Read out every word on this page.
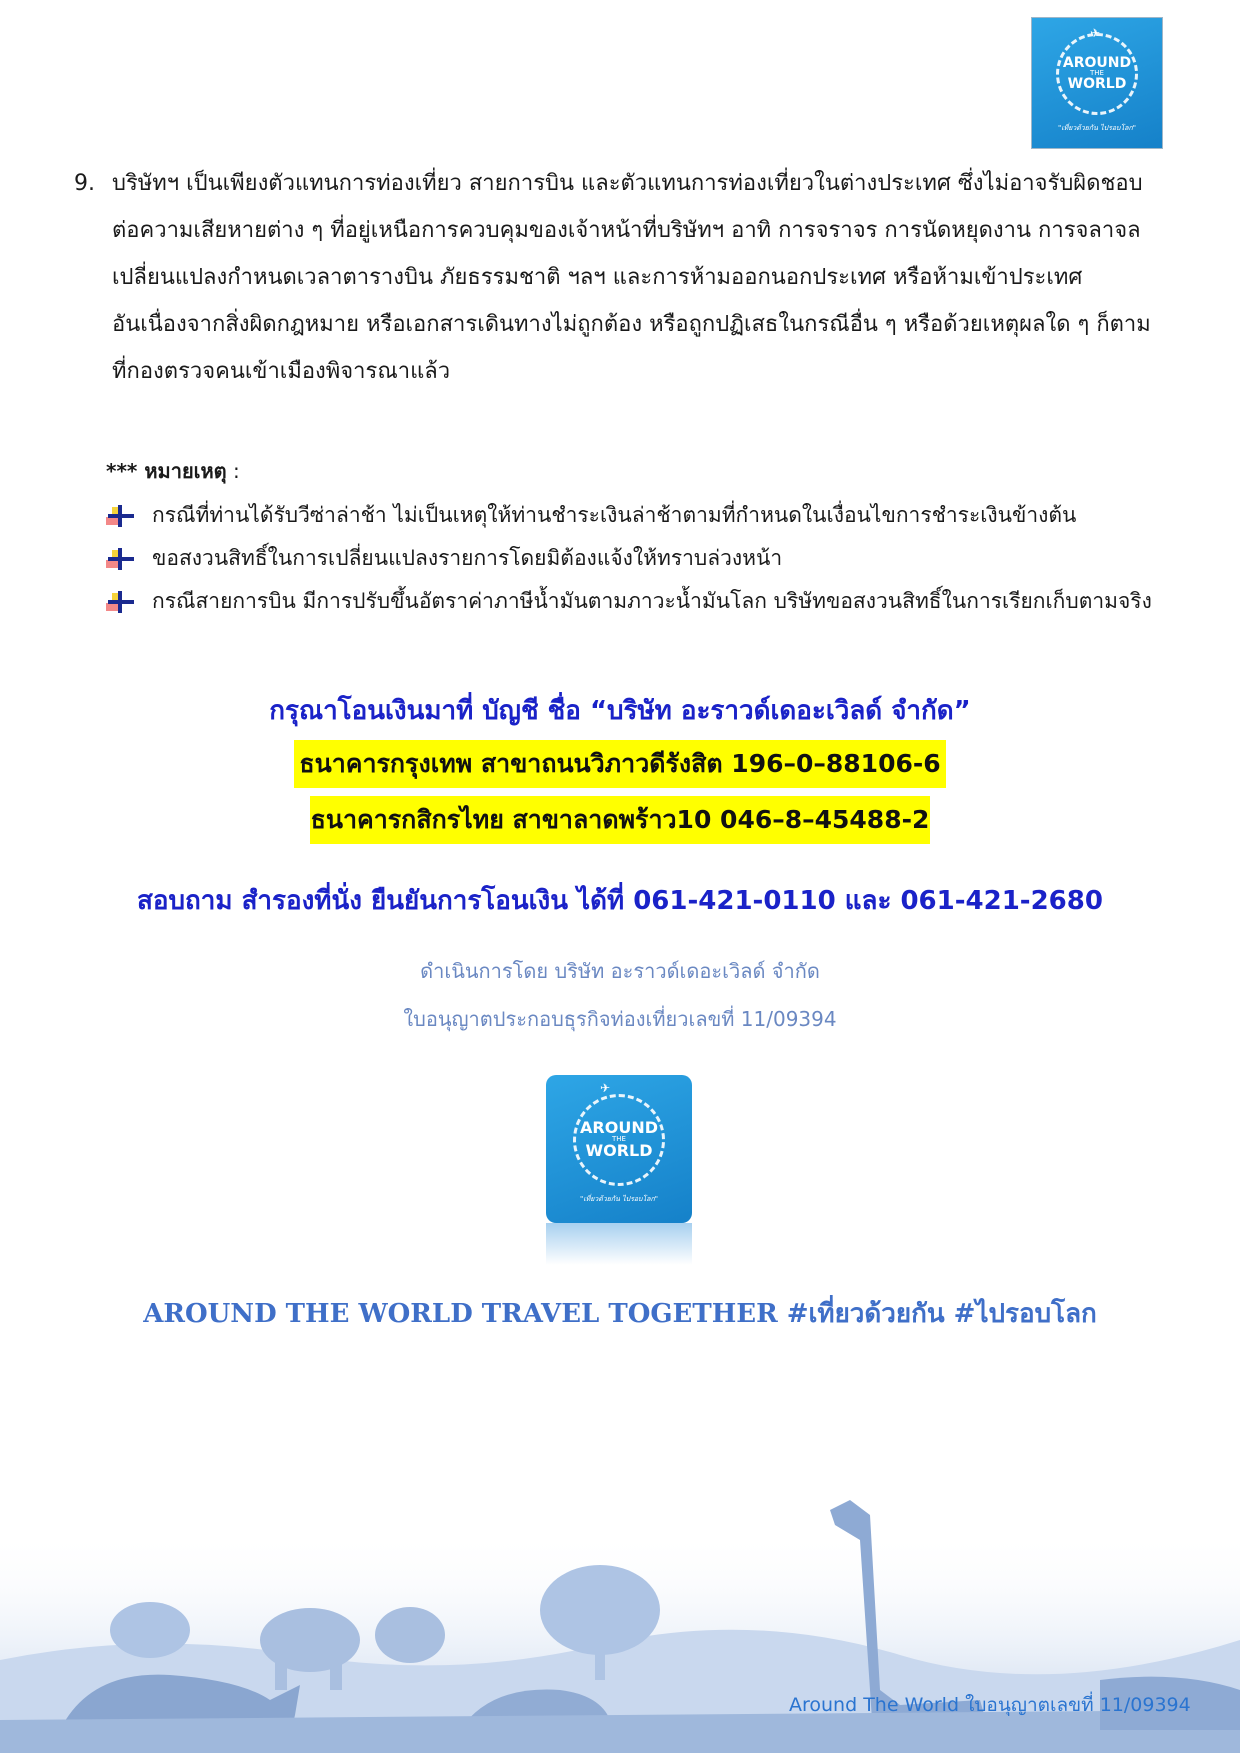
✈
AROUND
THE
WORLD
"เที่ยวด้วยกัน ไปรอบโลก"
9. บริษัทฯ เป็นเพียงตัวแทนการท่องเที่ยว สายการบิน และตัวแทนการท่องเที่ยวในต่างประเทศ ซึ่งไม่อาจรับผิดชอบ
ต่อความเสียหายต่าง ๆ ที่อยู่เหนือการควบคุมของเจ้าหน้าที่บริษัทฯ อาทิ การจราจร การนัดหยุดงาน การจลาจล
เปลี่ยนแปลงกำหนดเวลาตารางบิน ภัยธรรมชาติ ฯลฯ และการห้ามออกนอกประเทศ หรือห้ามเข้าประเทศ
อันเนื่องจากสิ่งผิดกฎหมาย หรือเอกสารเดินทางไม่ถูกต้อง หรือถูกปฏิเสธในกรณีอื่น ๆ หรือด้วยเหตุผลใด ๆ ก็ตาม
ที่กองตรวจคนเข้าเมืองพิจารณาแล้ว
*** หมายเหตุ :
กรณีที่ท่านได้รับวีซ่าล่าช้า ไม่เป็นเหตุให้ท่านชำระเงินล่าช้าตามที่กำหนดในเงื่อนไขการชำระเงินข้างต้น
ขอสงวนสิทธิ์ในการเปลี่ยนแปลงรายการโดยมิต้องแจ้งให้ทราบล่วงหน้า
กรณีสายการบิน มีการปรับขึ้นอัตราค่าภาษีน้ำมันตามภาวะน้ำมันโลก บริษัทขอสงวนสิทธิ์ในการเรียกเก็บตามจริง
กรุณาโอนเงินมาที่ บัญชี ชื่อ “บริษัท อะราวด์เดอะเวิลด์ จำกัด”
ธนาคารกรุงเทพ สาขาถนนวิภาวดีรังสิต 196–0–88106-6
ธนาคารกสิกรไทย สาขาลาดพร้าว10 046–8–45488-2
สอบถาม สำรองที่นั่ง ยืนยันการโอนเงิน ได้ที่ 061-421-0110 และ 061-421-2680
ดำเนินการโดย บริษัท อะราวด์เดอะเวิลด์ จำกัด
ใบอนุญาตประกอบธุรกิจท่องเที่ยวเลขที่ 11/09394
✈
AROUND
THE
WORLD
"เที่ยวด้วยกัน ไปรอบโลก"
AROUND THE WORLD TRAVEL TOGETHER #เที่ยวด้วยกัน #ไปรอบโลก
Around The World ใบอนุญาตเลขที่ 11/09394
